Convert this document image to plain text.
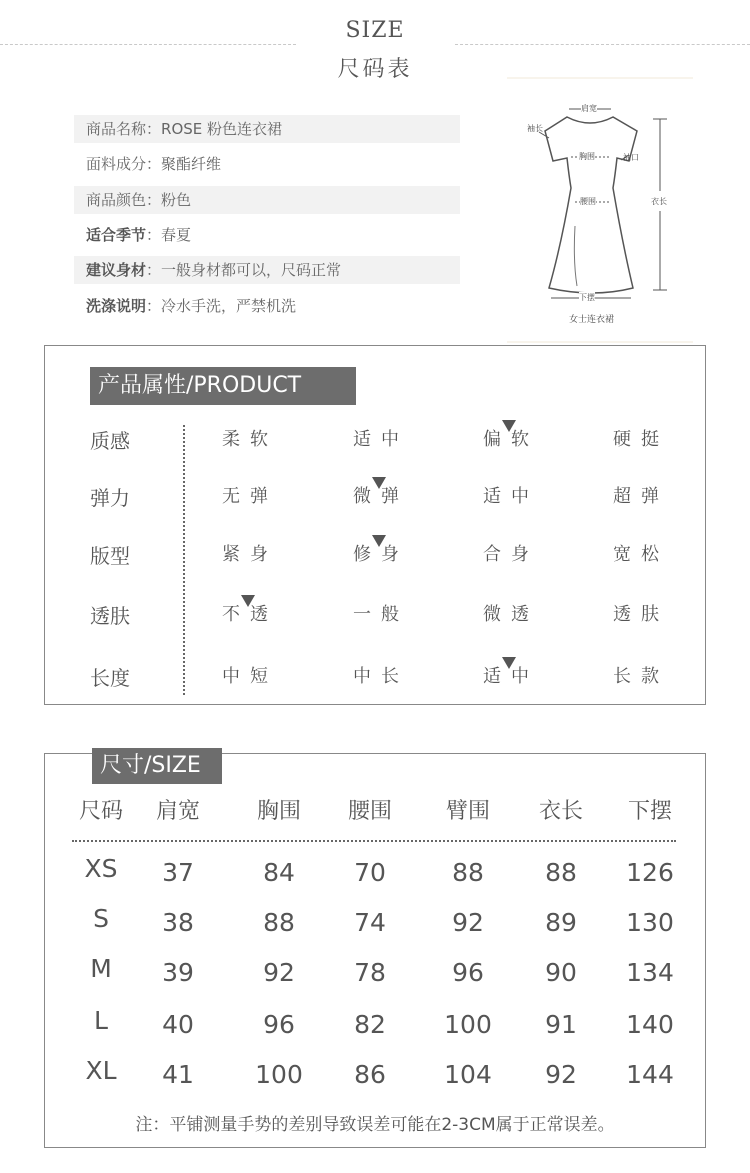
SIZE
尺码表
商品名称：ROSE 粉色连衣裙
面料成分：聚酯纤维
商品颜色：粉色
适合季节：春夏
建议身材：一般身材都可以，尺码正常
洗涤说明：冷水手洗，严禁机洗
肩宽
袖长
胸围	袖口
腰围	衣长
下摆
女士连衣裙
产品属性/PRODUCT
质感	柔软	适中	偏软	硬挺
弹力	无弹	微弹	适中	超弹
版型	紧身	修身	合身	宽松
透肤	不透	一般	微透	透肤
长度	中短	中长	适中	长款
尺寸/SIZE
尺码	肩宽	胸围	腰围	臂围	衣长	下摆
XS	37	84	70	88	88	126
S	38	88	74	92	89	130
M	39	92	78	96	90	134
L	40	96	82	100	91	140
XL	41	100	86	104	92	144
注：平铺测量手势的差别导致误差可能在2-3CM属于正常误差。
